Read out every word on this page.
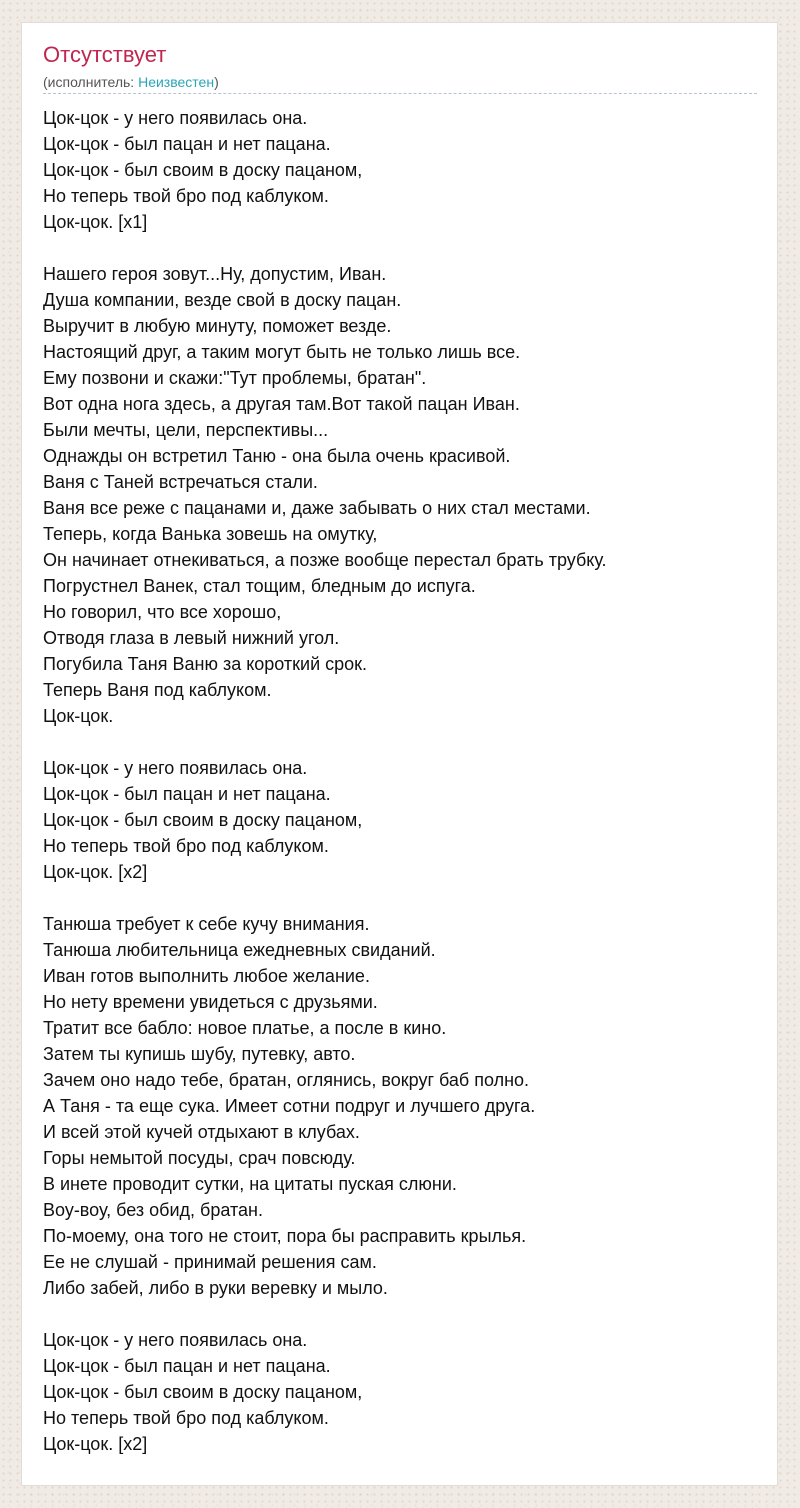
Отсутствует
(исполнитель: Неизвестен)
Цок-цок - у него появилась она.
Цок-цок - был пацан и нет пацана.
Цок-цок - был своим в доску пацаном,
Но теперь твой бро под каблуком.
Цок-цок. [x1]
Нашего героя зовут...Ну, допустим, Иван.
Душа компании, везде свой в доску пацан.
Выручит в любую минуту, поможет везде.
Настоящий друг, а таким могут быть не только лишь все.
Ему позвони и скажи:"Тут проблемы, братан".
Вот одна нога здесь, а другая там.Вот такой пацан Иван.
Были мечты, цели, перспективы...
Однажды он встретил Таню - она была очень красивой.
Ваня с Таней встречаться стали.
Ваня все реже с пацанами и, даже забывать о них стал местами.
Теперь, когда Ванька зовешь на омутку,
Он начинает отнекиваться, а позже вообще перестал брать трубку.
Погрустнел Ванек, стал тощим, бледным до испуга.
Но говорил, что все хорошо,
Отводя глаза в левый нижний угол.
Погубила Таня Ваню за короткий срок.
Теперь Ваня под каблуком.
Цок-цок.
Цок-цок - у него появилась она.
Цок-цок - был пацан и нет пацана.
Цок-цок - был своим в доску пацаном,
Но теперь твой бро под каблуком.
Цок-цок. [x2]
Танюша требует к себе кучу внимания.
Танюша любительница ежедневных свиданий.
Иван готов выполнить любое желание.
Но нету времени увидеться с друзьями.
Тратит все бабло: новое платье, а после в кино.
Затем ты купишь шубу, путевку, авто.
Зачем оно надо тебе, братан, оглянись, вокруг баб полно.
А Таня - та еще сука. Имеет сотни подруг и лучшего друга.
И всей этой кучей отдыхают в клубах.
Горы немытой посуды, срач повсюду.
В инете проводит сутки, на цитаты пуская слюни.
Воу-воу, без обид, братан.
По-моему, она того не стоит, пора бы расправить крылья.
Ее не слушай - принимай решения сам.
Либо забей, либо в руки веревку и мыло.
Цок-цок - у него появилась она.
Цок-цок - был пацан и нет пацана.
Цок-цок - был своим в доску пацаном,
Но теперь твой бро под каблуком.
Цок-цок. [x2]
